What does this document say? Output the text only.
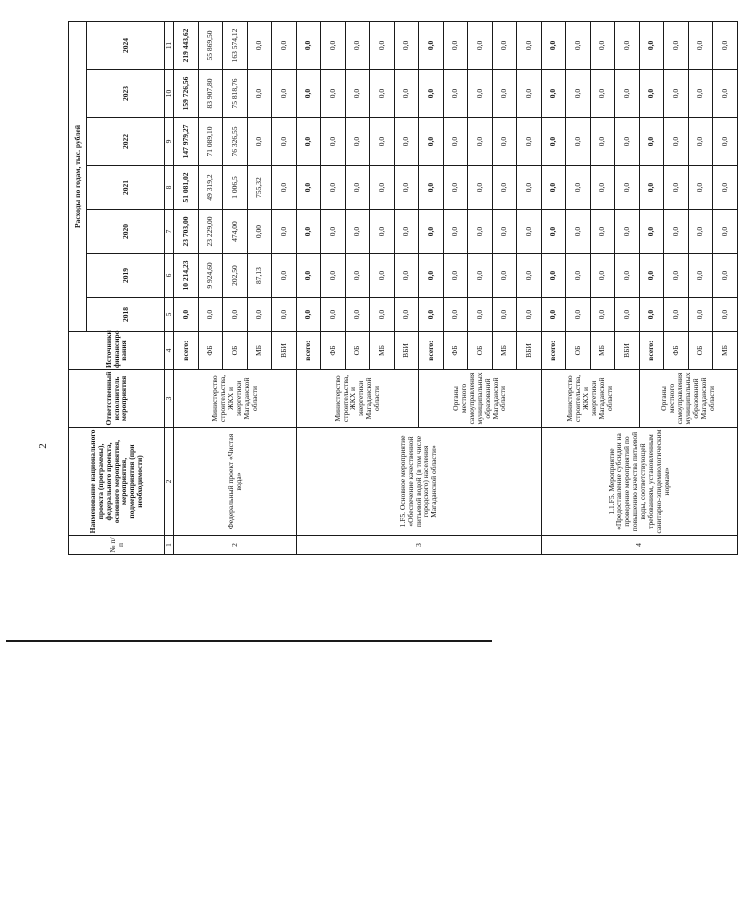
2
№ п/п	Наименование национального проекта (программы), федерального проекта, основного мероприятия, мероприятия, подмероприятия (при необходимости)	Ответственный исполнитель мероприятия	Источники финансиро вания	Расходы по годам, тыс. рублей						
				2018	2019	2020	2021	2022	2023	2024
1	2	3	4	5	6	7	8	9	10	11
2	Федеральный проект «Чистая вода»	Министерство строительства, ЖКХ и энергетики Магаданской области	всего:	0,0	10 214,23	23 703,00	51 081,02	147 979,27	159 726,56	219 443,62
			ФБ	0,0	9 924,60	23 229,00	49 319,2	71 089,10	83 907,80	55 869,50
			ОБ	0,0	202,50	474,00	1 006,5	76 326,55	75 818,76	163 574,12
			МБ	0,0	87,13	0,00	755,32	0,0	0,0	0,0
			ВБИ	0,0	0,0	0,0	0,0	0,0	0,0	0,0
3	1.F5. Основное мероприятие «Обеспечение качественной питьевой водой (в том числе городского) населения Магаданской области»	Министерство строительства, ЖКХ и энергетики Магаданской области	всего:	0,0	0,0	0,0	0,0	0,0	0,0	0,0
			ФБ	0,0	0,0	0,0	0,0	0,0	0,0	0,0
			ОБ	0,0	0,0	0,0	0,0	0,0	0,0	0,0
			МБ	0,0	0,0	0,0	0,0	0,0	0,0	0,0
			ВБИ	0,0	0,0	0,0	0,0	0,0	0,0	0,0
		Органы местного самоуправления муниципальных образований Магаданской области	всего:	0,0	0,0	0,0	0,0	0,0	0,0	0,0
			ФБ	0,0	0,0	0,0	0,0	0,0	0,0	0,0
			ОБ	0,0	0,0	0,0	0,0	0,0	0,0	0,0
			МБ	0,0	0,0	0,0	0,0	0,0	0,0	0,0
			ВБИ	0,0	0,0	0,0	0,0	0,0	0,0	0,0
4	1.1.F5. Мероприятие «Предоставление субсидии на проведение мероприятий по повышению качества питьевой воды, соответствующей требованиям, установленным санитарно-эпидемиологическим нормам»	Министерство строительства, ЖКХ и энергетики Магаданской области	всего:	0,0	0,0	0,0	0,0	0,0	0,0	0,0
			ОБ	0,0	0,0	0,0	0,0	0,0	0,0	0,0
			МБ	0,0	0,0	0,0	0,0	0,0	0,0	0,0
			ВБИ	0,0	0,0	0,0	0,0	0,0	0,0	0,0
		Органы местного самоуправления муниципальных образований Магаданской области	всего:	0,0	0,0	0,0	0,0	0,0	0,0	0,0
			ФБ	0,0	0,0	0,0	0,0	0,0	0,0	0,0
			ОБ	0,0	0,0	0,0	0,0	0,0	0,0	0,0
			МБ	0,0	0,0	0,0	0,0	0,0	0,0	0,0
